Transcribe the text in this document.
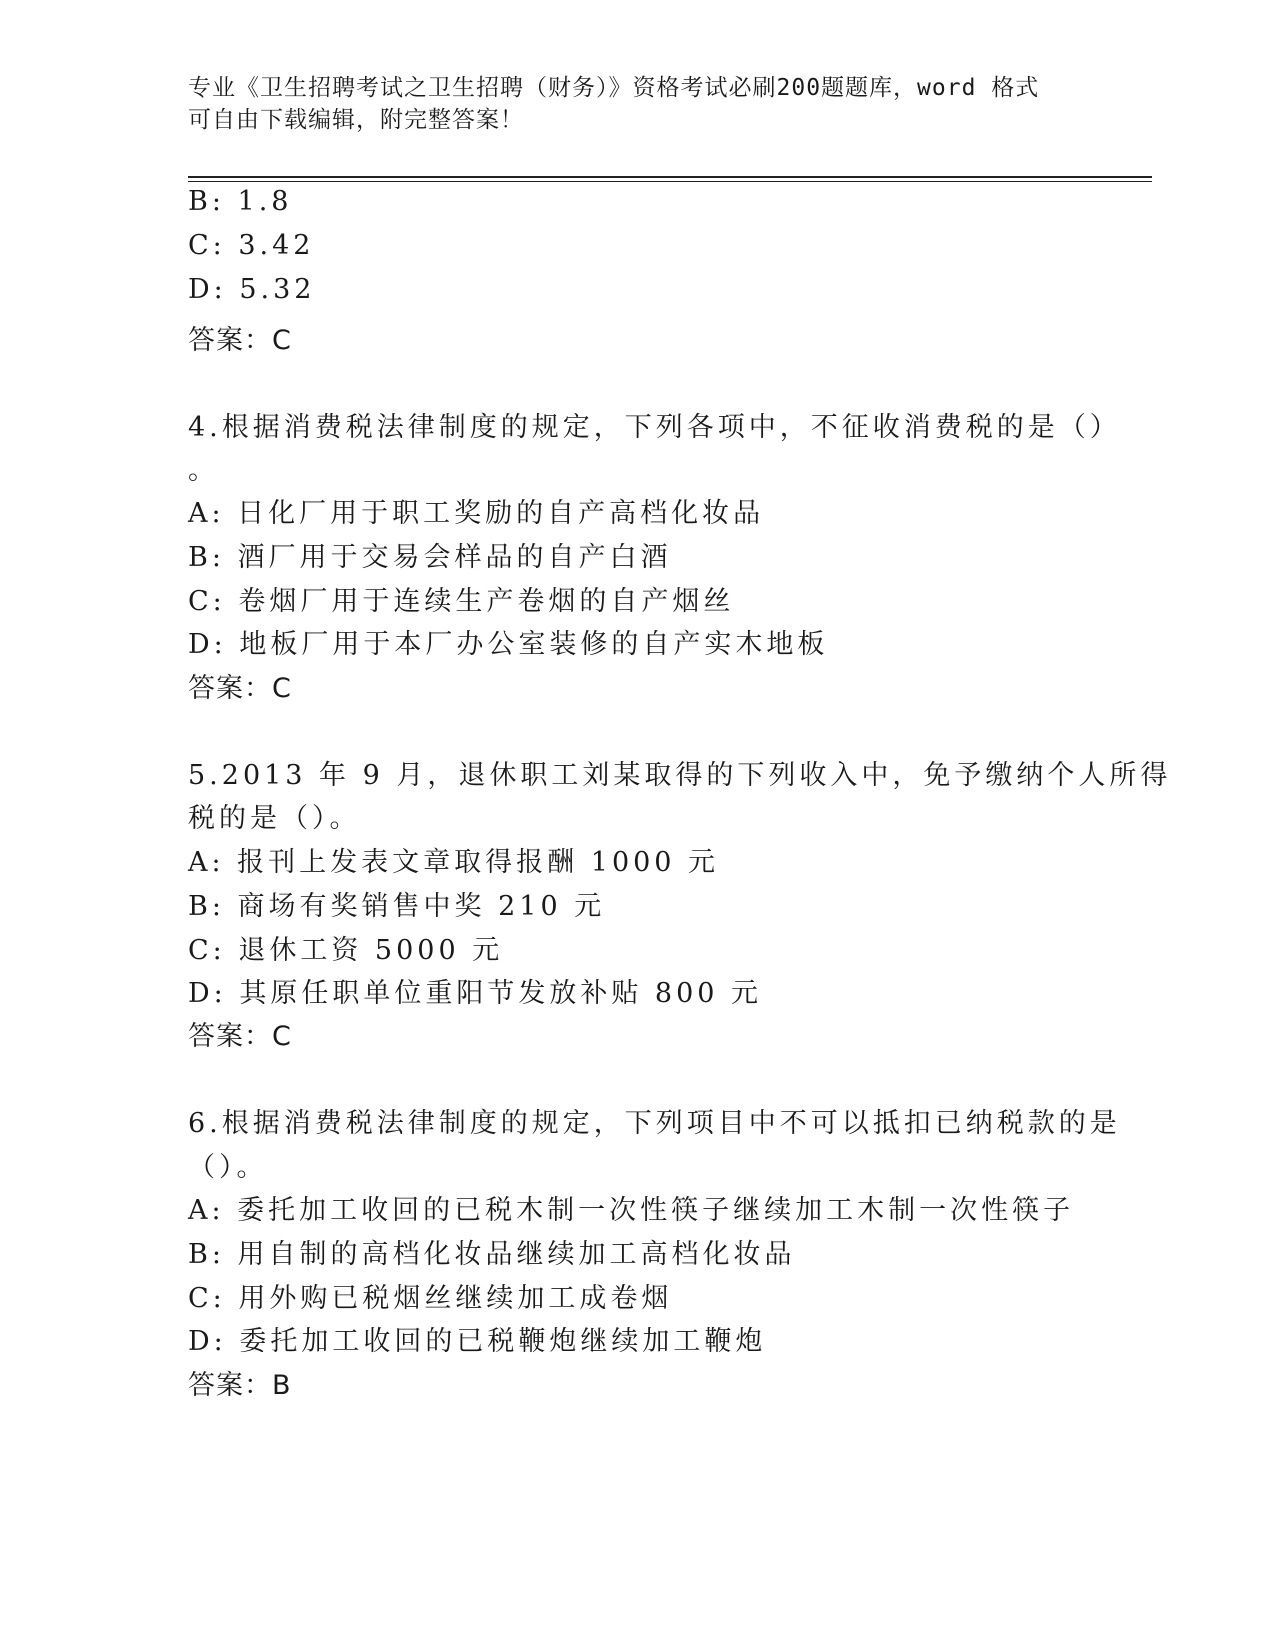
专业《卫生招聘考试之卫生招聘（财务）》资格考试必刷200题题库，word 格式
可自由下载编辑，附完整答案！
B: 1.8
C: 3.42
D: 5.32
答案：C
4.根据消费税法律制度的规定，下列各项中，不征收消费税的是（）
。
A: 日化厂用于职工奖励的自产高档化妆品
B: 酒厂用于交易会样品的自产白酒
C: 卷烟厂用于连续生产卷烟的自产烟丝
D: 地板厂用于本厂办公室装修的自产实木地板
答案：C
5.2013 年 9 月，退休职工刘某取得的下列收入中，免予缴纳个人所得
税的是（）。
A: 报刊上发表文章取得报酬 1000 元
B: 商场有奖销售中奖 210 元
C: 退休工资 5000 元
D: 其原任职单位重阳节发放补贴 800 元
答案：C
6.根据消费税法律制度的规定，下列项目中不可以抵扣已纳税款的是
（）。
A: 委托加工收回的已税木制一次性筷子继续加工木制一次性筷子
B: 用自制的高档化妆品继续加工高档化妆品
C: 用外购已税烟丝继续加工成卷烟
D: 委托加工收回的已税鞭炮继续加工鞭炮
答案：B
